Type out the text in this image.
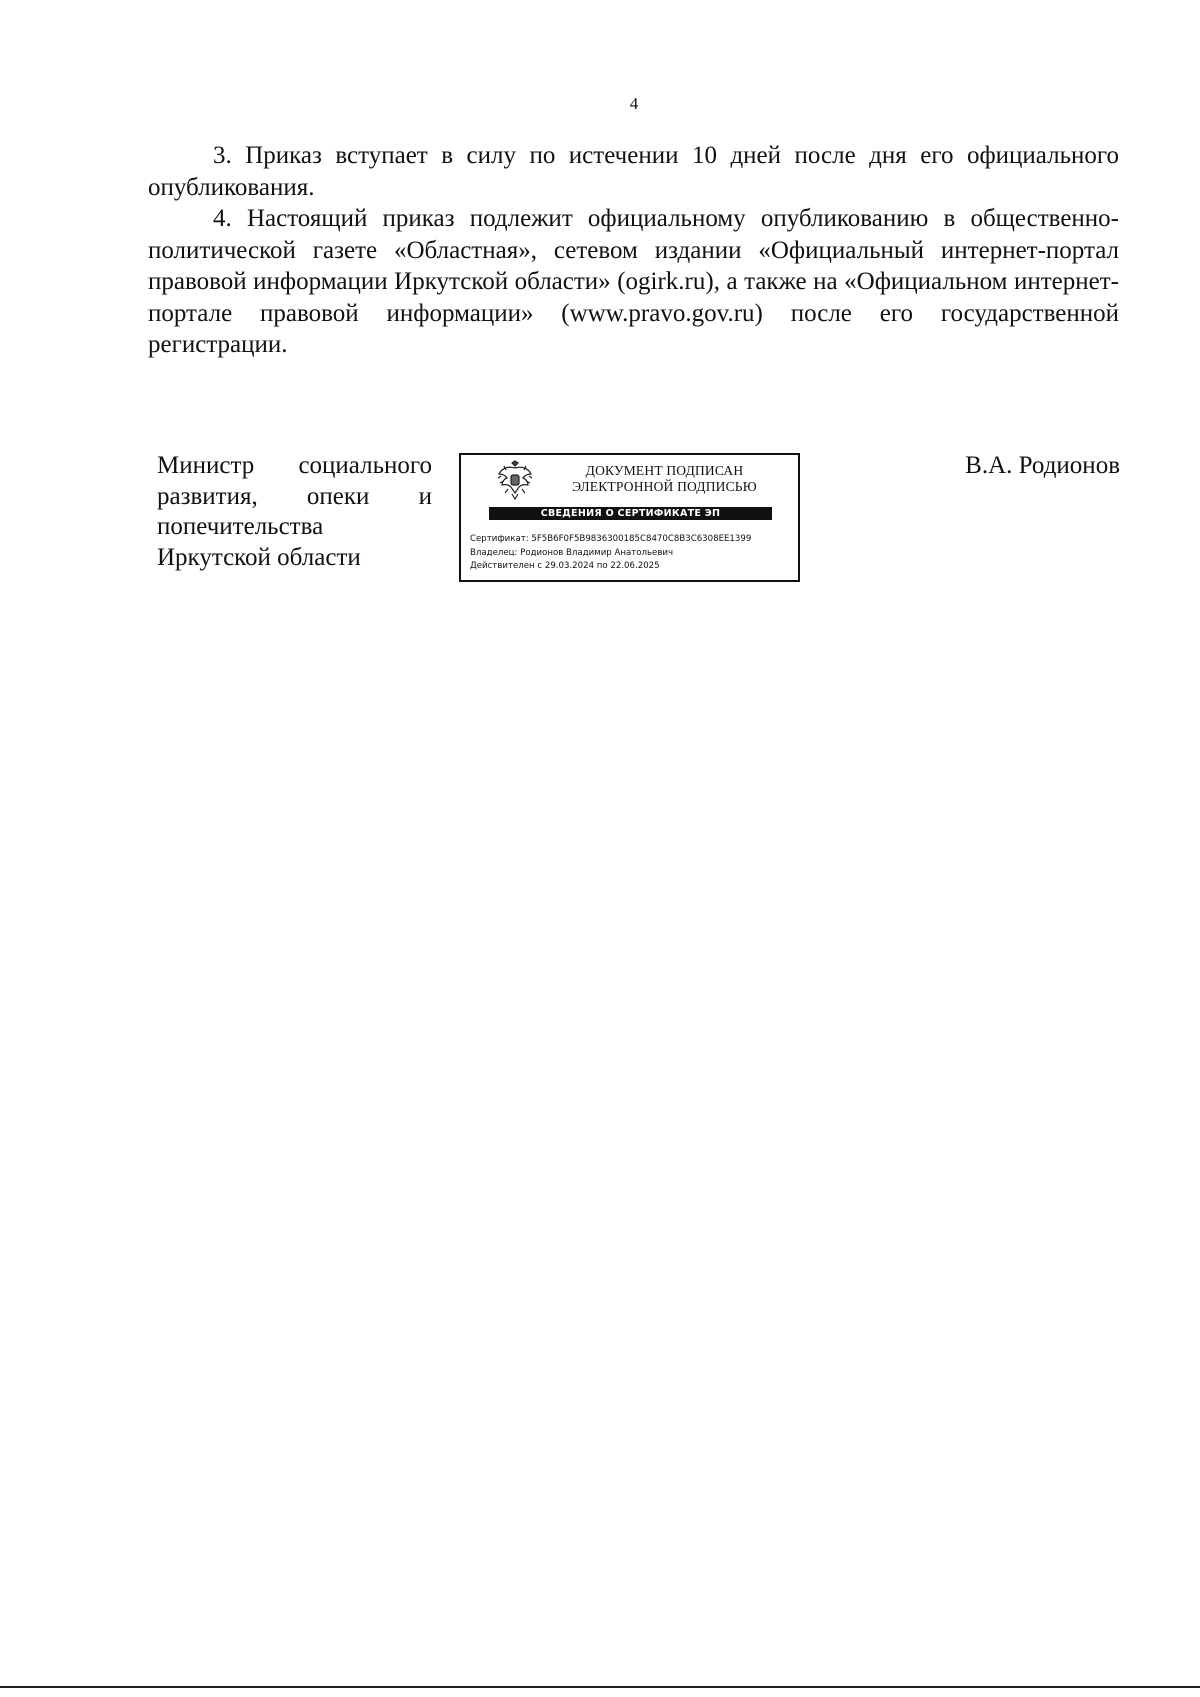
4

3. Приказ вступает в силу по истечении 10 дней после дня его официального опубликования.

4. Настоящий приказ подлежит официальному опубликованию в общественно-политической газете «Областная», сетевом издании «Официальный интернет-портал правовой информации Иркутской области» (ogirk.ru), а также на «Официальном интернет-портале правовой информации» (www.pravo.gov.ru) после его государственной регистрации.

Министр социального
развития, опеки и
попечительства
Иркутской области
ДОКУМЕНТ ПОДПИСАН
ЭЛЕКТРОННОЙ ПОДПИСЬЮ
СВЕДЕНИЯ О СЕРТИФИКАТЕ ЭП
Сертификат: 5F5B6F0F5B9836300185C8470C8B3C6308EE1399
Владелец: Родионов Владимир Анатольевич
Действителен с 29.03.2024 по 22.06.2025
В.А. Родионов
